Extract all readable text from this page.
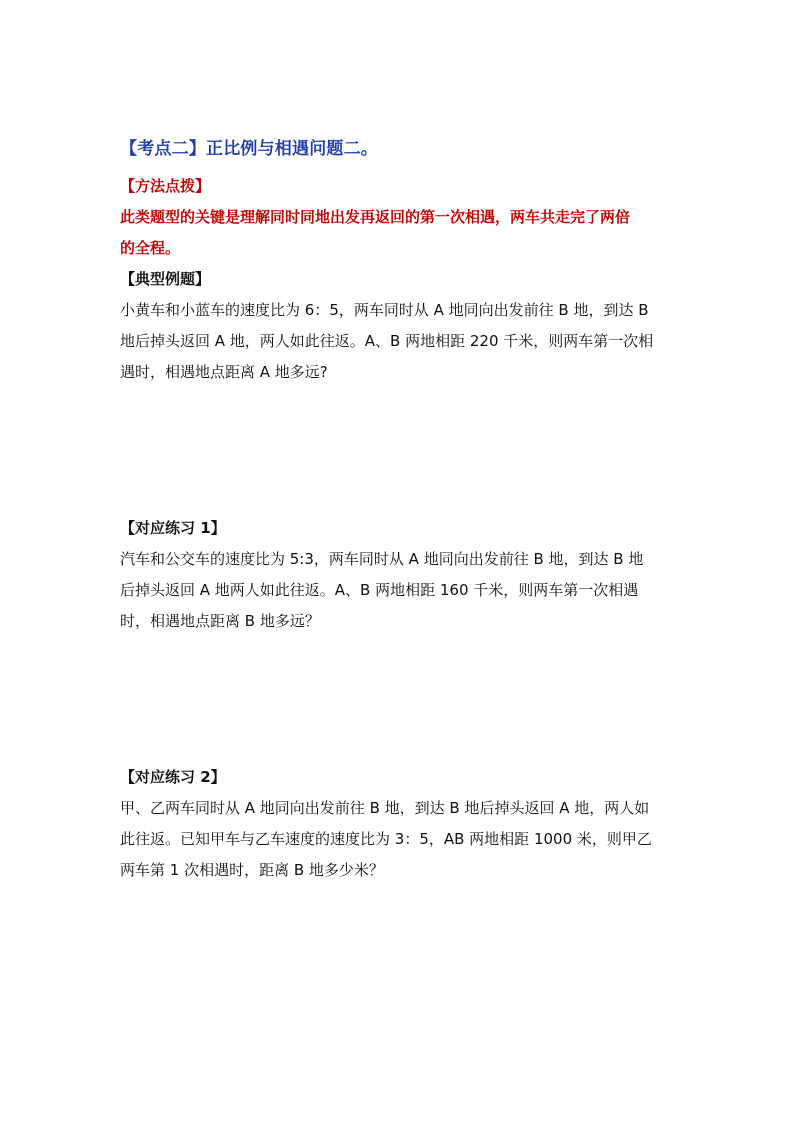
【考点二】正比例与相遇问题二。
【方法点拨】
此类题型的关键是理解同时同地出发再返回的第一次相遇，两车共走完了两倍
的全程。
【典型例题】
小黄车和小蓝车的速度比为 6：5，两车同时从 A 地同向出发前往 B 地，到达 B
地后掉头返回 A 地，两人如此往返。A、B 两地相距 220 千米，则两车第一次相
遇时，相遇地点距离 A 地多远?
【对应练习 1】
汽车和公交车的速度比为 5:3，两车同时从 A 地同向出发前往 B 地，到达 B 地
后掉头返回 A 地两人如此往返。A、B 两地相距 160 千米，则两车第一次相遇
时，相遇地点距离 B 地多远？
【对应练习 2】
甲、乙两车同时从 A 地同向出发前往 B 地，到达 B 地后掉头返回 A 地，两人如
此往返。已知甲车与乙车速度的速度比为 3：5，AB 两地相距 1000 米，则甲乙
两车第 1 次相遇时，距离 B 地多少米？
